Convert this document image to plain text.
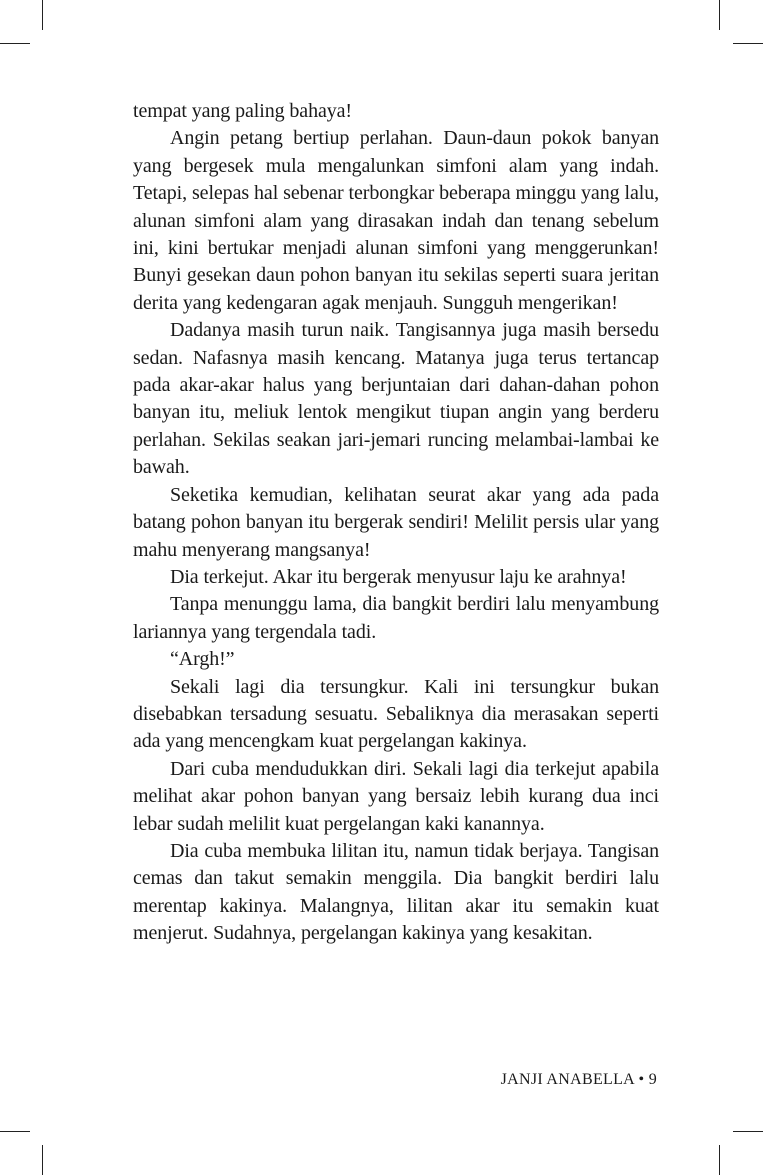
tempat yang paling bahaya!

Angin petang bertiup perlahan. Daun-daun pokok banyan yang bergesek mula mengalunkan simfoni alam yang indah. Tetapi, selepas hal sebenar terbongkar beberapa minggu yang lalu, alunan simfoni alam yang dirasakan indah dan tenang sebelum ini, kini bertukar menjadi alunan simfoni yang menggerunkan! Bunyi gesekan daun pohon banyan itu sekilas seperti suara jeritan derita yang kedengaran agak menjauh. Sungguh mengerikan!

Dadanya masih turun naik. Tangisannya juga masih bersedu sedan. Nafasnya masih kencang. Matanya juga terus tertancap pada akar-akar halus yang berjuntaian dari dahan-dahan pohon banyan itu, meliuk lentok mengikut tiupan angin yang berderu perlahan. Sekilas seakan jari-jemari runcing melambai-lambai ke bawah.

Seketika kemudian, kelihatan seurat akar yang ada pada batang pohon banyan itu bergerak sendiri! Melilit persis ular yang mahu menyerang mangsanya!

Dia terkejut. Akar itu bergerak menyusur laju ke arahnya!

Tanpa menunggu lama, dia bangkit berdiri lalu menyambung lariannya yang tergendala tadi.

“Argh!”

Sekali lagi dia tersungkur. Kali ini tersungkur bukan disebabkan tersadung sesuatu. Sebaliknya dia merasakan seperti ada yang mencengkam kuat pergelangan kakinya.

Dari cuba mendudukkan diri. Sekali lagi dia terkejut apabila melihat akar pohon banyan yang bersaiz lebih kurang dua inci lebar sudah melilit kuat pergelangan kaki kanannya.

Dia cuba membuka lilitan itu, namun tidak berjaya. Tangisan cemas dan takut semakin menggila. Dia bangkit berdiri lalu merentap kakinya. Malangnya, lilitan akar itu semakin kuat menjerut. Sudahnya, pergelangan kakinya yang kesakitan.

JANJI ANABELLA • 9
